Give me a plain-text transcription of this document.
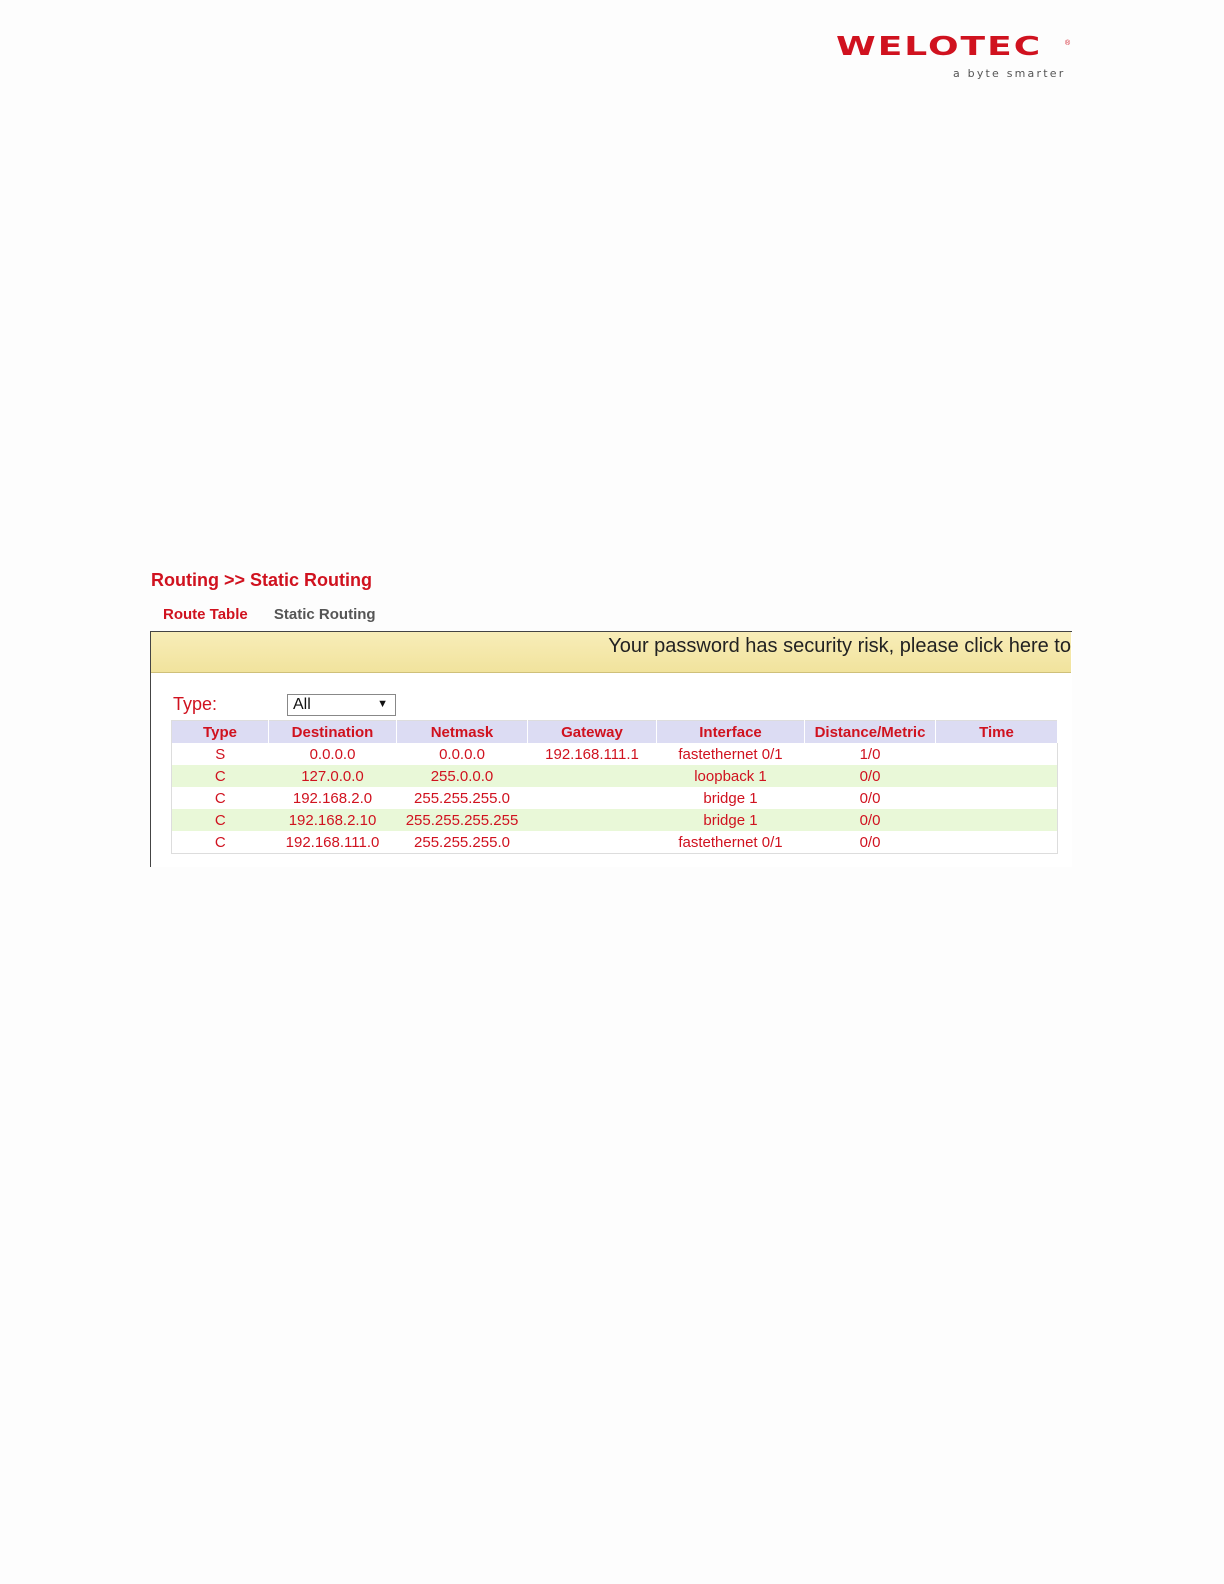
WELOTEC	®
a byte smarter
Routing >> Static Routing
Route Table Static Routing
Your password has security risk, please click here to
Type:	All	▼
Type	Destination	Netmask	Gateway	Interface	Distance/Metric	Time
S	0.0.0.0	0.0.0.0	192.168.111.1	fastethernet 0/1	1/0	
C	127.0.0.0	255.0.0.0		loopback 1	0/0	
C	192.168.2.0	255.255.255.0		bridge 1	0/0	
C	192.168.2.10	255.255.255.255		bridge 1	0/0	
C	192.168.111.0	255.255.255.0		fastethernet 0/1	0/0	
